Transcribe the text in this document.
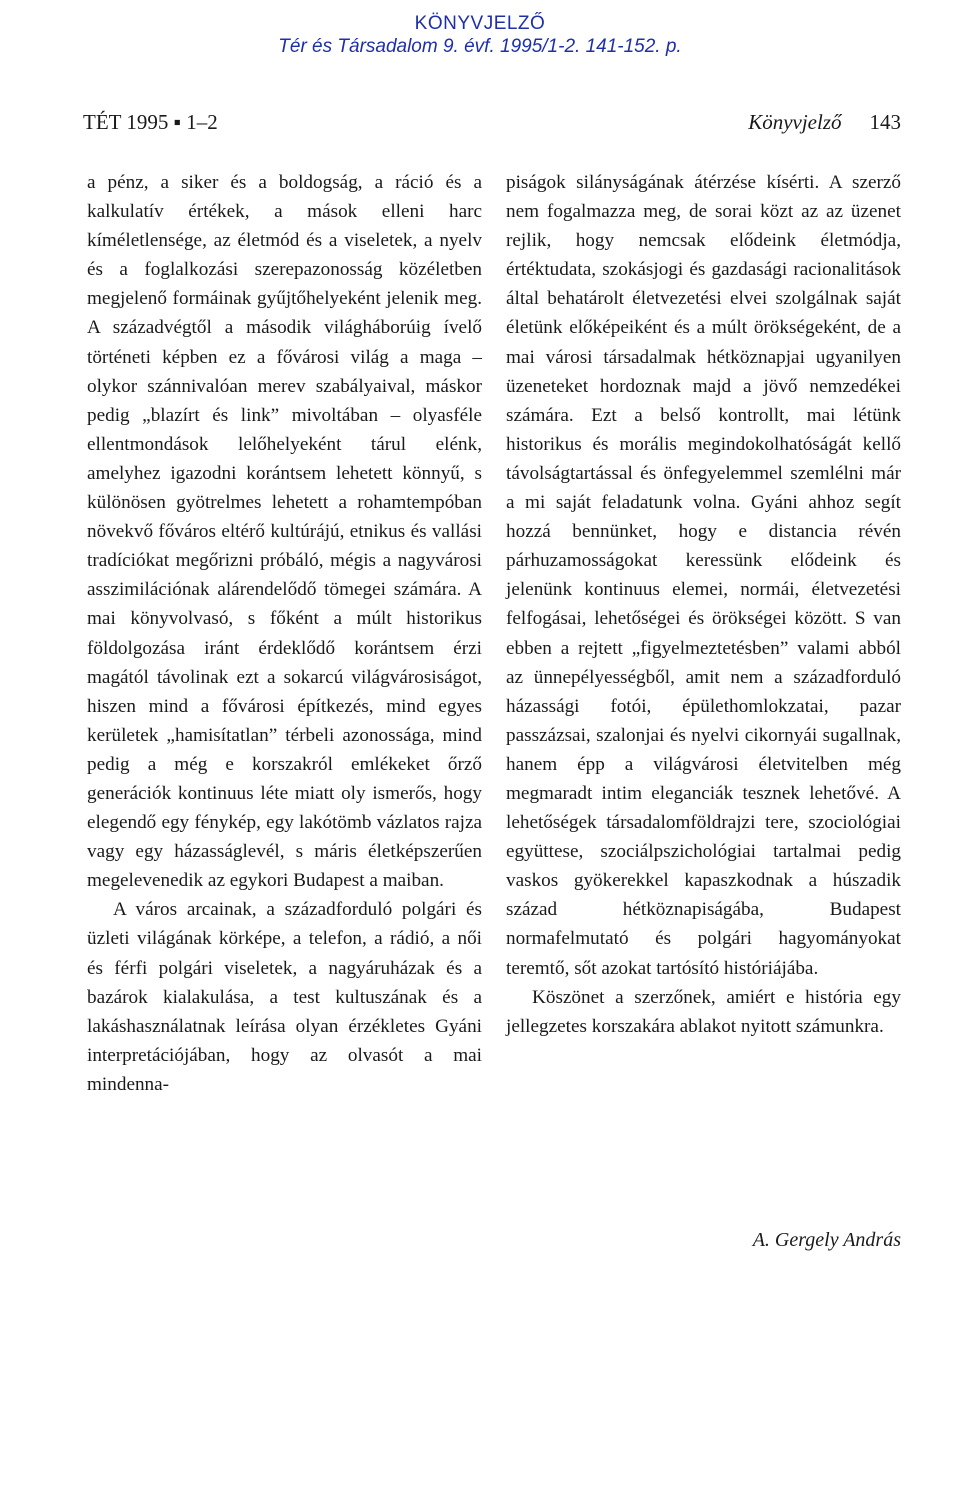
KÖNYVJELZŐ
Tér és Társadalom 9. évf. 1995/1-2. 141-152. p.
TÉT 1995 ▪ 1–2	Könyvjelző 143

a pénz, a siker és a boldogság, a ráció és a kalkulatív értékek, a mások elleni harc kíméletlensége, az életmód és a viseletek, a nyelv és a foglalkozási szerepazonosság közéletben megjelenő formáinak gyűjtőhelyeként jelenik meg. A századvégtől a második világháborúig ívelő történeti képben ez a fővárosi világ a maga – olykor szánnivalóan merev szabályaival, máskor pedig „blazírt és link” mivoltában – olyasféle ellentmondások lelőhelyeként tárul elénk, amelyhez igazodni korántsem lehetett könnyű, s különösen gyötrelmes lehetett a rohamtempóban növekvő főváros eltérő kultúrájú, etnikus és vallási tradíciókat megőrizni próbáló, mégis a nagyvárosi asszimilációnak alárendelődő tömegei számára. A mai könyvolvasó, s főként a múlt historikus földolgozása iránt érdeklődő korántsem érzi magától távolinak ezt a sokarcú világvárosiságot, hiszen mind a fővárosi építkezés, mind egyes kerületek „hamisítatlan” térbeli azonossága, mind pedig a még e korszakról emlékeket őrző generációk kontinuus léte miatt oly ismerős, hogy elegendő egy fénykép, egy lakótömb vázlatos rajza vagy egy házasságlevél, s máris életképszerűen megelevenedik az egykori Budapest a maiban.

A város arcainak, a századforduló polgári és üzleti világának körképe, a telefon, a rádió, a női és férfi polgári viseletek, a nagyáruházak és a bazárok kialakulása, a test kultuszának és a lakáshasználatnak leírása olyan érzékletes Gyáni interpretációjában, hogy az olvasót a mai mindenna-

piságok silányságának átérzése kísérti. A szerző nem fogalmazza meg, de sorai közt az az üzenet rejlik, hogy nemcsak elődeink életmódja, értéktudata, szokásjogi és gazdasági racionalitások által behatárolt életvezetési elvei szolgálnak saját életünk előképeiként és a múlt örökségeként, de a mai városi társadalmak hétköznapjai ugyanilyen üzeneteket hordoznak majd a jövő nemzedékei számára. Ezt a belső kontrollt, mai létünk historikus és morális megindokolhatóságát kellő távolságtartással és önfegyelemmel szemlélni már a mi saját feladatunk volna. Gyáni ahhoz segít hozzá bennünket, hogy e distancia révén párhuzamosságokat keressünk elődeink és jelenünk kontinuus elemei, normái, életvezetési felfogásai, lehetőségei és örökségei között. S van ebben a rejtett „figyelmeztetésben” valami abból az ünnepélyességből, amit nem a századforduló házassági fotói, épülethomlokzatai, pazar passzázsai, szalonjai és nyelvi cikornyái sugallnak, hanem épp a világvárosi életvitelben még megmaradt intim eleganciák tesznek lehetővé. A lehetőségek társadalomföldrajzi tere, szociológiai együttese, szociálpszichológiai tartalmai pedig vaskos gyökerekkel kapaszkodnak a húszadik század hétköznapiságába, Budapest normafelmutató és polgári hagyományokat teremtő, sőt azokat tartósító históriájába.

Köszönet a szerzőnek, amiért e história egy jellegzetes korszakára ablakot nyitott számunkra.

A. Gergely András
